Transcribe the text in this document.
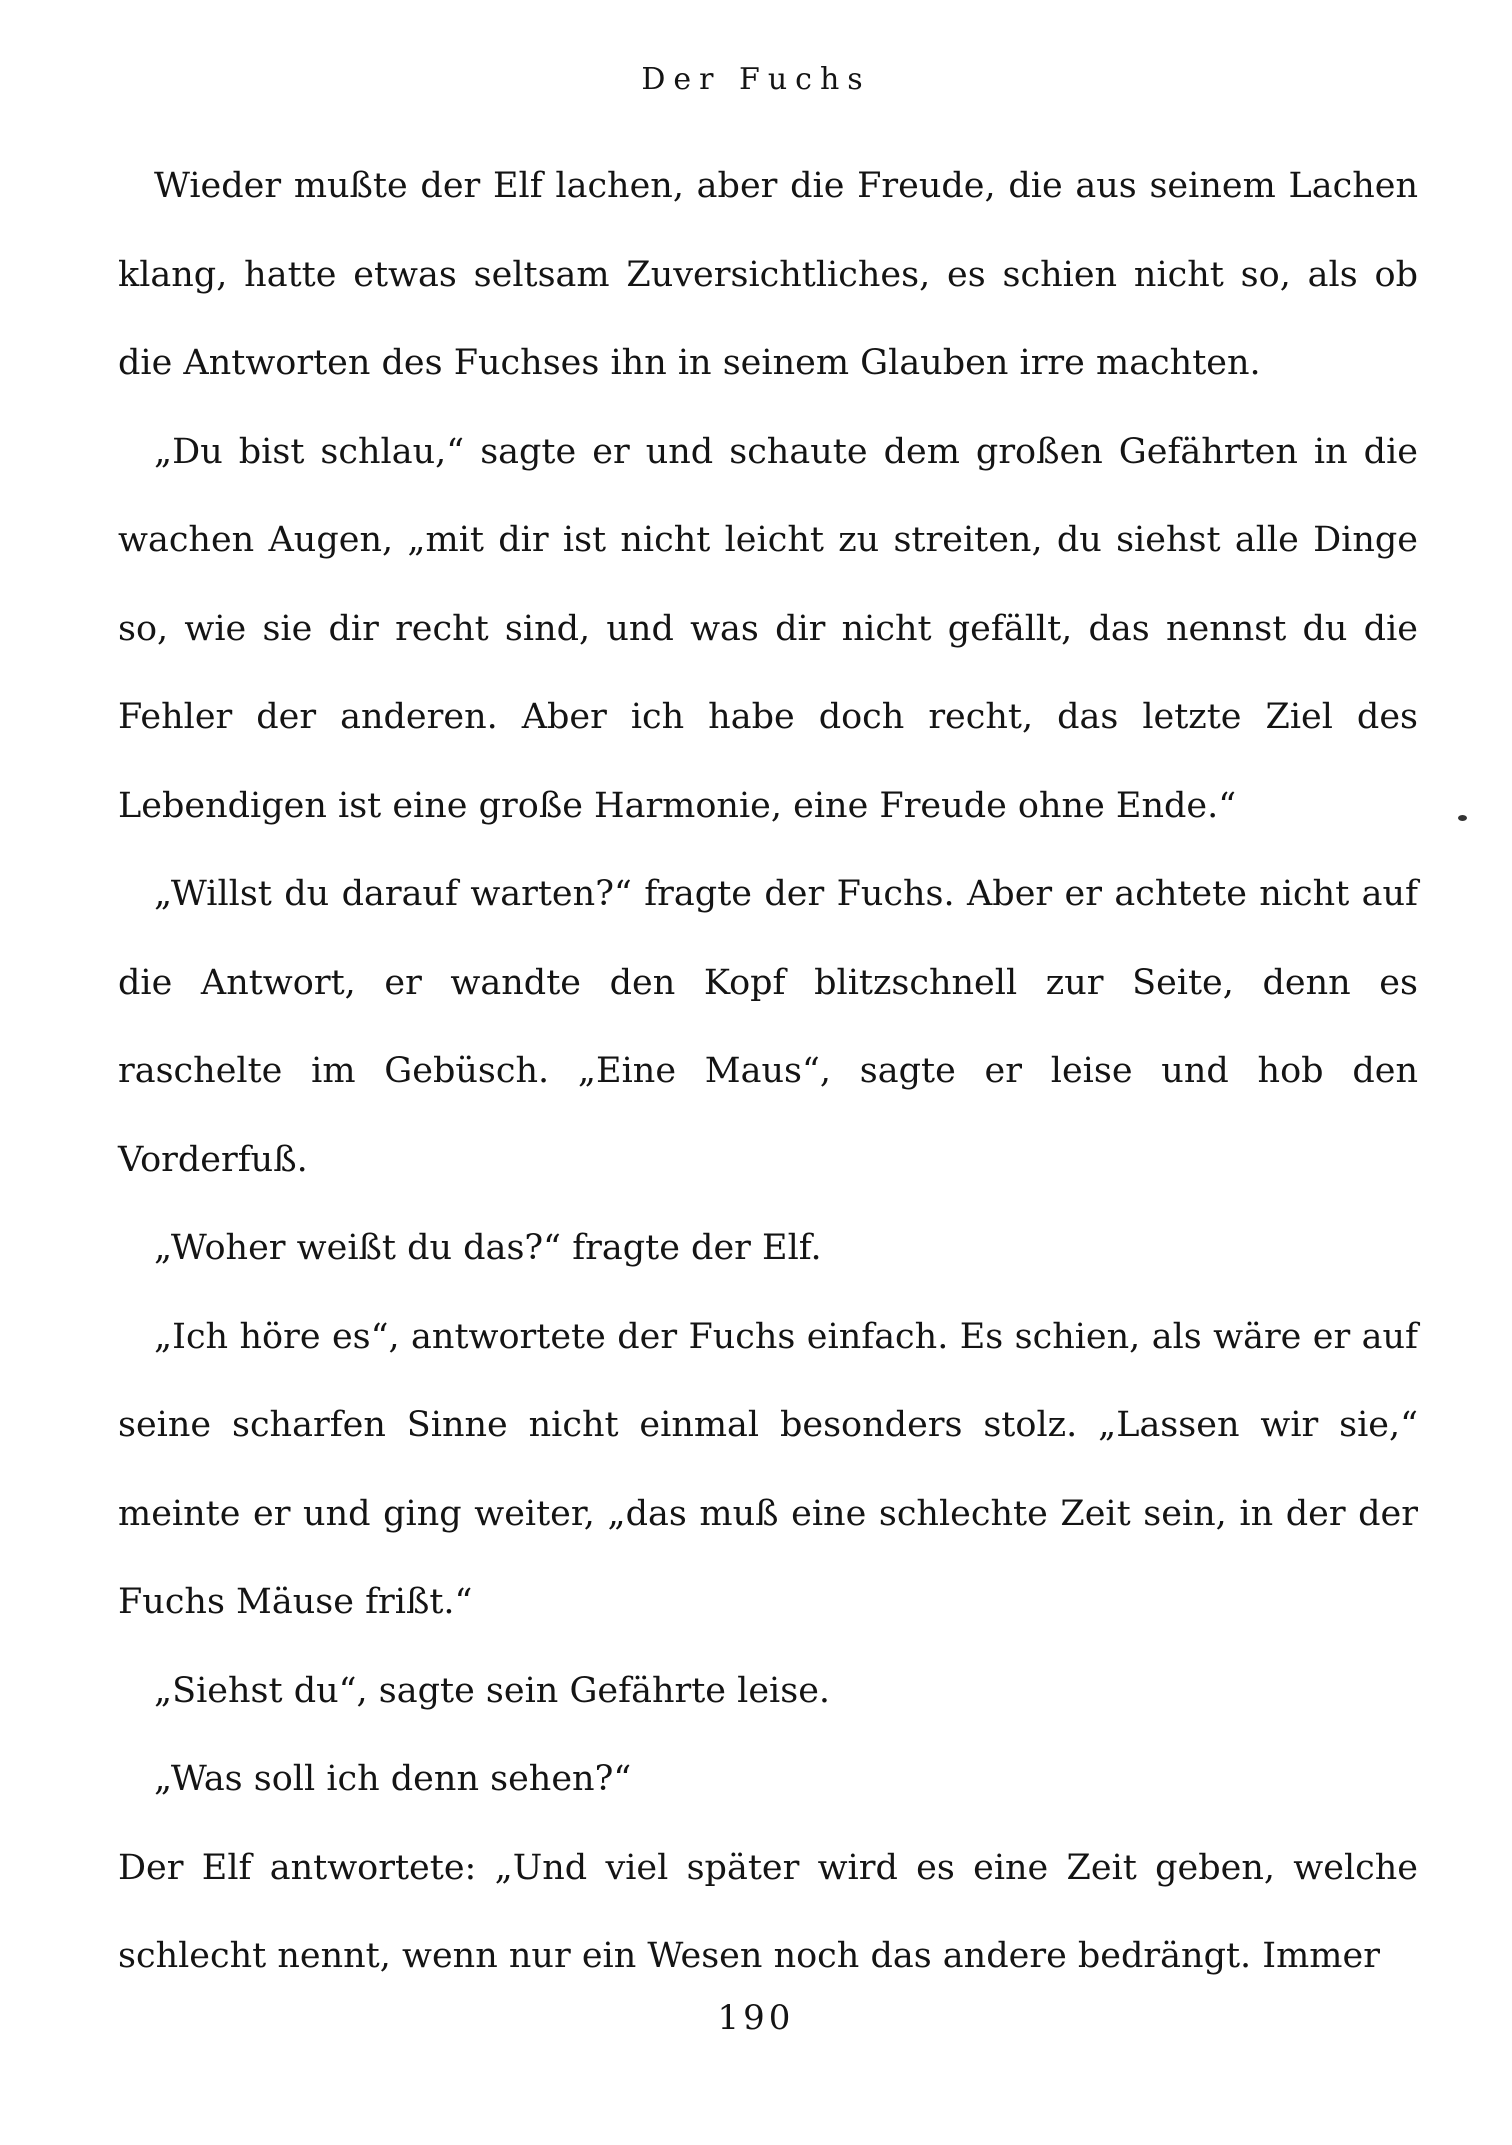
Der Fuchs

Wieder mußte der Elf lachen, aber die Freude, die aus seinem Lachen klang, hatte etwas seltsam Zuversichtliches, es schien nicht so, als ob die Antworten des Fuchses ihn in seinem Glauben irre machten.

„Du bist schlau,“ sagte er und schaute dem großen Gefährten in die wachen Augen, „mit dir ist nicht leicht zu streiten, du siehst alle Dinge so, wie sie dir recht sind, und was dir nicht gefällt, das nennst du die Fehler der anderen. Aber ich habe doch recht, das letzte Ziel des Lebendigen ist eine große Harmonie, eine Freude ohne Ende.“

„Willst du darauf warten?“ fragte der Fuchs. Aber er achtete nicht auf die Antwort, er wandte den Kopf blitzschnell zur Seite, denn es raschelte im Gebüsch. „Eine Maus“, sagte er leise und hob den Vorderfuß.

„Woher weißt du das?“ fragte der Elf.

„Ich höre es“, antwortete der Fuchs einfach. Es schien, als wäre er auf seine scharfen Sinne nicht einmal besonders stolz. „Lassen wir sie,“ meinte er und ging weiter, „das muß eine schlechte Zeit sein, in der der Fuchs Mäuse frißt.“

„Siehst du“, sagte sein Gefährte leise.

„Was soll ich denn sehen?“

Der Elf antwortete: „Und viel später wird es eine Zeit geben, welche schlecht nennt, wenn nur ein Wesen noch das andere bedrängt. Immer

190
